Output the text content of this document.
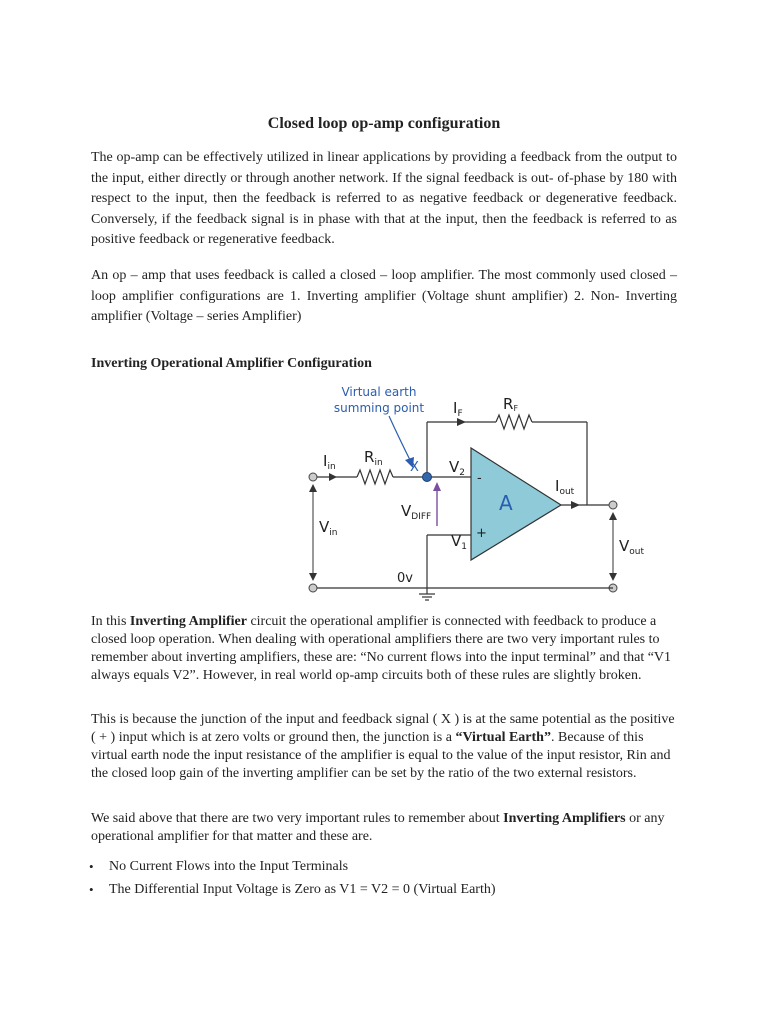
Closed loop op-amp configuration
The op-amp can be effectively utilized in linear applications by providing a feedback from the output to the input, either directly or through another network. If the signal feedback is out- of-phase by 180 with respect to the input, then the feedback is referred to as negative feedback or degenerative feedback. Conversely, if the feedback signal is in phase with that at the input, then the feedback is referred to as positive feedback or regenerative feedback.
An op – amp that uses feedback is called a closed – loop amplifier. The most commonly used closed – loop amplifier configurations are 1. Inverting amplifier (Voltage shunt amplifier) 2. Non- Inverting amplifier (Voltage – series Amplifier)
Inverting Operational Amplifier Configuration
Virtual earth
summing point $I_F$
RF
$I_{in}$
$R_{in}$ X $V_2$ -
+
A
$I_{out}$
$V_{DIFF}$
$V_{in}$	$V_1$	$V_{out}$
0v
In this Inverting Amplifier circuit the operational amplifier is connected with feedback to produce a closed loop operation. When dealing with operational amplifiers there are two very important rules to remember about inverting amplifiers, these are: “No current flows into the input terminal” and that “V1 always equals V2”. However, in real world op-amp circuits both of these rules are slightly broken.
This is because the junction of the input and feedback signal ( X ) is at the same potential as the positive ( + ) input which is at zero volts or ground then, the junction is a “Virtual Earth”. Because of this virtual earth node the input resistance of the amplifier is equal to the value of the input resistor, Rin and the closed loop gain of the inverting amplifier can be set by the ratio of the two external resistors.
We said above that there are two very important rules to remember about Inverting Amplifiers or any operational amplifier for that matter and these are.
• No Current Flows into the Input Terminals
• The Differential Input Voltage is Zero as V1 = V2 = 0 (Virtual Earth)
